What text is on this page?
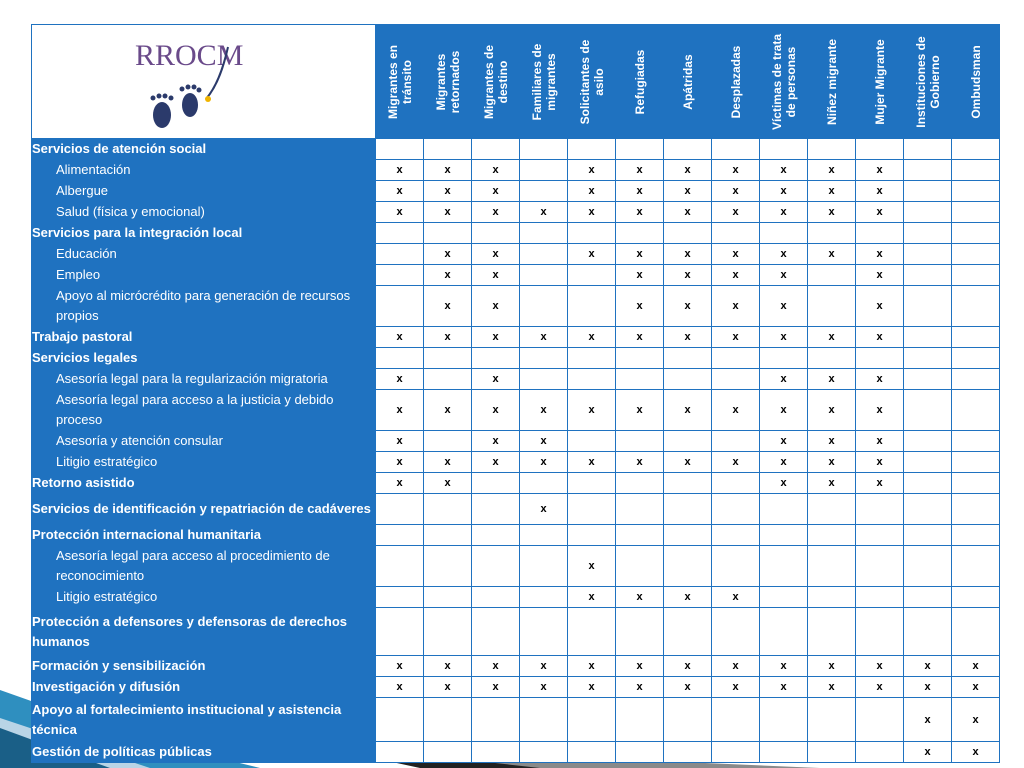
RROCM	Migrantes en tránsito	Migrantes retornados	Migrantes de destino	Familiares de migrantes	Solicitantes de asilo	Refugiadas	Apátridas	Desplazadas	Víctimas de trata de personas	Niñez migrante	Mujer Migrante	Instituciones de Gobierno	Ombudsman

Servicios de atención social													
Alimentación	x	x	x		x	x	x	x	x	x	x		
Albergue	x	x	x		x	x	x	x	x	x	x		
Salud (física y emocional)	x	x	x	x	x	x	x	x	x	x	x		
Servicios para la integración local													
Educación		x	x		x	x	x	x	x	x	x		
Empleo		x	x			x	x	x	x		x		
Apoyo al micrócrédito para generación de recursos propios		x	x			x	x	x	x		x		
Trabajo pastoral	x	x	x	x	x	x	x	x	x	x	x		
Servicios legales													
Asesoría legal para la regularización migratoria	x		x						x	x	x		
Asesoría legal para acceso a la justicia y debido proceso	x	x	x	x	x	x	x	x	x	x	x		
Asesoría y atención consular	x		x	x					x	x	x		
Litigio estratégico	x	x	x	x	x	x	x	x	x	x	x		
Retorno asistido	x	x							x	x	x		
Servicios de identificación y repatriación de cadáveres				x									
Protección internacional humanitaria													
Asesoría legal para acceso al procedimiento de reconocimiento					x								
Litigio estratégico					x	x	x	x					
Protección a defensores y defensoras de derechos humanos													
Formación y sensibilización	x	x	x	x	x	x	x	x	x	x	x	x	x
Investigación y difusión	x	x	x	x	x	x	x	x	x	x	x	x	x
Apoyo al fortalecimiento institucional y asistencia técnica												x	x
Gestión de políticas públicas												x	x
